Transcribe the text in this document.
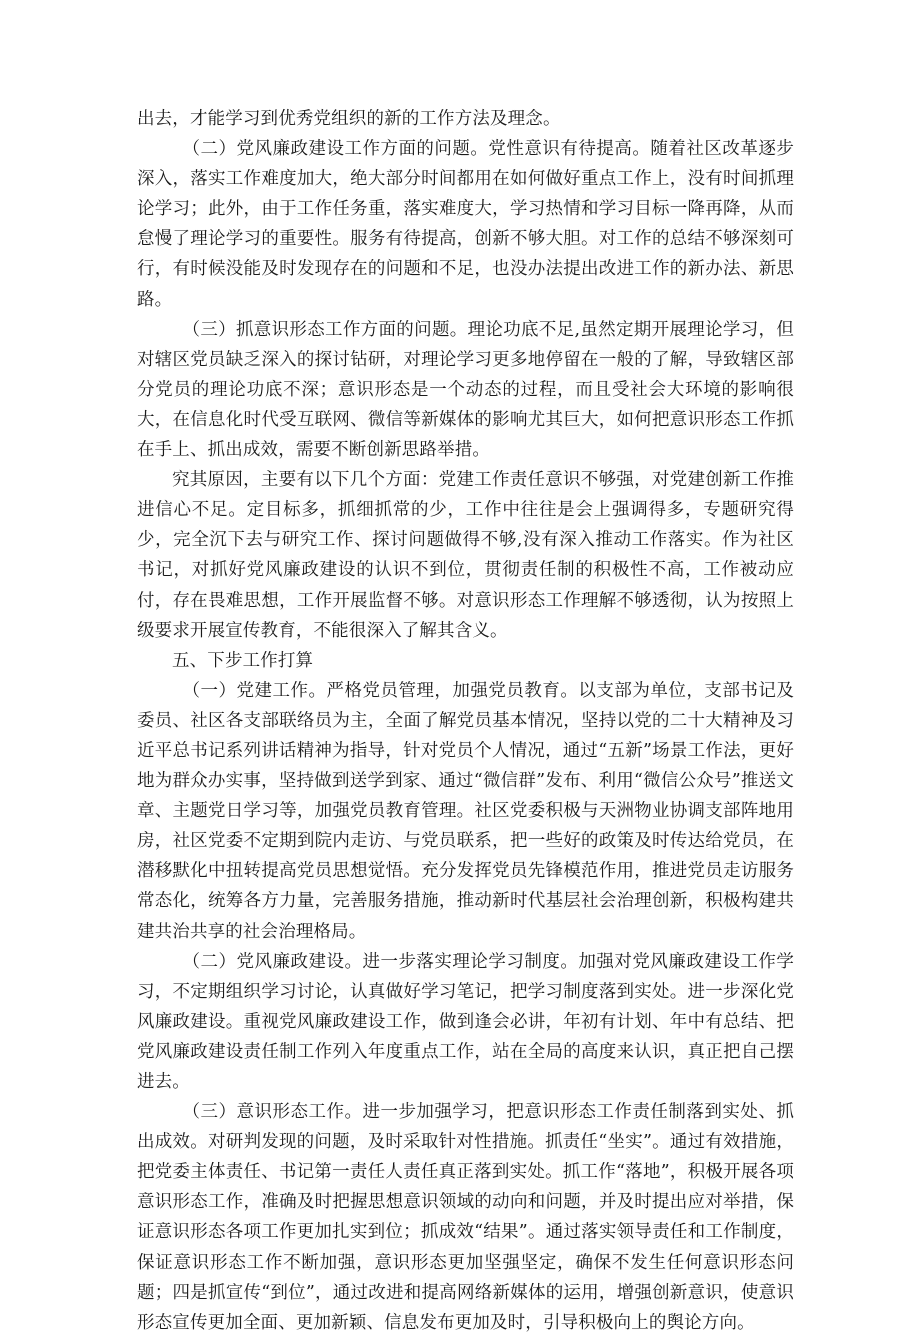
出去，才能学习到优秀党组织的新的工作方法及理念。

（二）党风廉政建设工作方面的问题。党性意识有待提高。随着社区改革逐步深入，落实工作难度加大，绝大部分时间都用在如何做好重点工作上，没有时间抓理论学习；此外，由于工作任务重，落实难度大，学习热情和学习目标一降再降，从而怠慢了理论学习的重要性。服务有待提高，创新不够大胆。对工作的总结不够深刻可行，有时候没能及时发现存在的问题和不足，也没办法提出改进工作的新办法、新思路。

（三）抓意识形态工作方面的问题。理论功底不足,虽然定期开展理论学习，但对辖区党员缺乏深入的探讨钻研，对理论学习更多地停留在一般的了解，导致辖区部分党员的理论功底不深；意识形态是一个动态的过程，而且受社会大环境的影响很大，在信息化时代受互联网、微信等新媒体的影响尤其巨大，如何把意识形态工作抓在手上、抓出成效，需要不断创新思路举措。

究其原因，主要有以下几个方面：党建工作责任意识不够强，对党建创新工作推进信心不足。定目标多，抓细抓常的少，工作中往往是会上强调得多，专题研究得少，完全沉下去与研究工作、探讨问题做得不够,没有深入推动工作落实。作为社区书记，对抓好党风廉政建设的认识不到位，贯彻责任制的积极性不高，工作被动应付，存在畏难思想，工作开展监督不够。对意识形态工作理解不够透彻，认为按照上级要求开展宣传教育，不能很深入了解其含义。

五、下步工作打算

（一）党建工作。严格党员管理，加强党员教育。以支部为单位，支部书记及委员、社区各支部联络员为主，全面了解党员基本情况，坚持以党的二十大精神及习近平总书记系列讲话精神为指导，针对党员个人情况，通过“五新”场景工作法，更好地为群众办实事，坚持做到送学到家、通过“微信群”发布、利用“微信公众号”推送文章、主题党日学习等，加强党员教育管理。社区党委积极与天洲物业协调支部阵地用房，社区党委不定期到院内走访、与党员联系，把一些好的政策及时传达给党员，在潜移默化中扭转提高党员思想觉悟。充分发挥党员先锋模范作用，推进党员走访服务常态化，统筹各方力量，完善服务措施，推动新时代基层社会治理创新，积极构建共建共治共享的社会治理格局。

（二）党风廉政建设。进一步落实理论学习制度。加强对党风廉政建设工作学习，不定期组织学习讨论，认真做好学习笔记，把学习制度落到实处。进一步深化党风廉政建设。重视党风廉政建设工作，做到逢会必讲，年初有计划、年中有总结、把党风廉政建设责任制工作列入年度重点工作，站在全局的高度来认识，真正把自己摆进去。

（三）意识形态工作。进一步加强学习，把意识形态工作责任制落到实处、抓出成效。对研判发现的问题，及时采取针对性措施。抓责任“坐实”。通过有效措施，把党委主体责任、书记第一责任人责任真正落到实处。抓工作“落地”，积极开展各项意识形态工作，准确及时把握思想意识领域的动向和问题，并及时提出应对举措，保证意识形态各项工作更加扎实到位；抓成效“结果”。通过落实领导责任和工作制度，保证意识形态工作不断加强，意识形态更加坚强坚定，确保不发生任何意识形态问题；四是抓宣传“到位”，通过改进和提高网络新媒体的运用，增强创新意识，使意识形态宣传更加全面、更加新颖、信息发布更加及时，引导积极向上的舆论方向。
